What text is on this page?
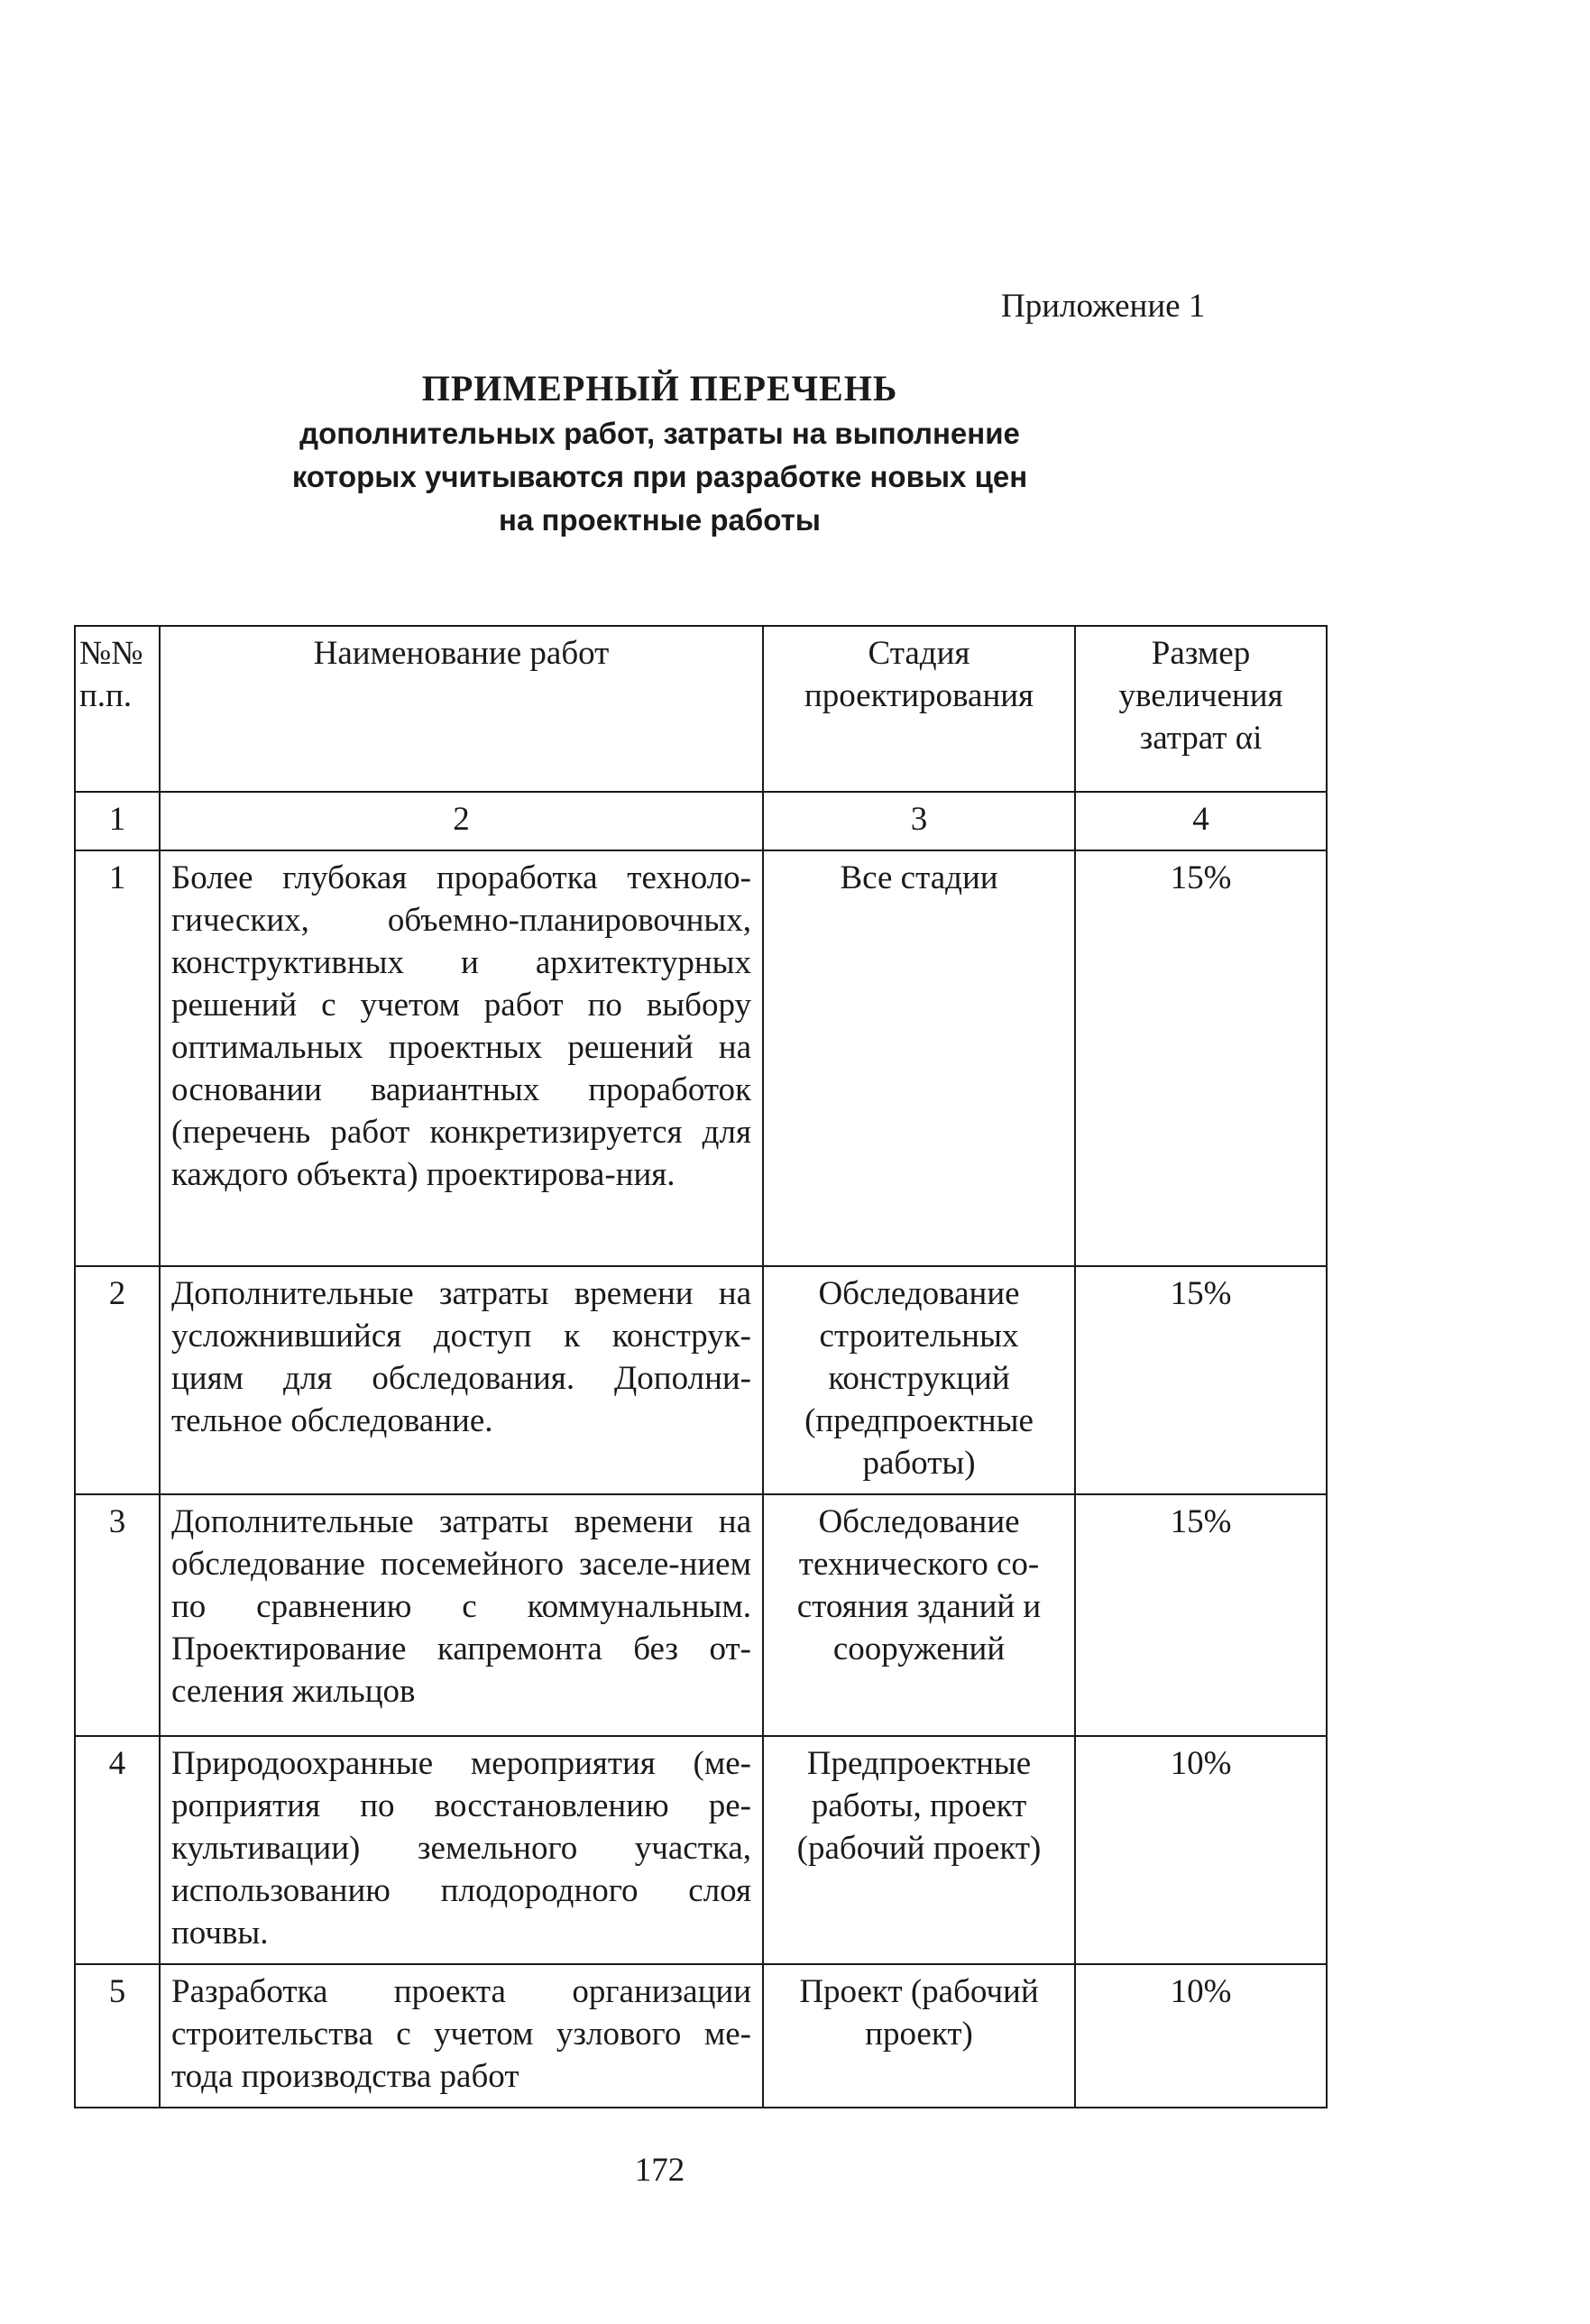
Приложение 1
ПРИМЕРНЫЙ ПЕРЕЧЕНЬ
дополнительных работ, затраты на выполнение
которых учитываются при разработке новых цен
на проектные работы
№№ п.п.	Наименование работ	Стадия проектирования	Размер увеличения затрат αi
1	2	3	4
1	Более глубокая проработка техноло-гических, объемно-планировочных, конструктивных и архитектурных решений с учетом работ по выбору оптимальных проектных решений на основании вариантных проработок (перечень работ конкретизируется для каждого объекта) проектирова-ния.	Все стадии	15%
2	Дополнительные затраты времени на усложнившийся доступ к конструк-циям для обследования. Дополни-тельное обследование.	Обследование строительных конструкций (предпроектные работы)	15%
3	Дополнительные затраты времени на обследование посемейного заселе-нием по сравнению с коммунальным. Проектирование капремонта без от-селения жильцов	Обследование технического со-стояния зданий и сооружений	15%
4	Природоохранные мероприятия (ме-роприятия по восстановлению ре-культивации) земельного участка, использованию плодородного слоя почвы.	Предпроектные работы, проект (рабочий проект)	10%
5	Разработка проекта организации строительства с учетом узлового ме-тода производства работ	Проект (рабочий проект)	10%
172
